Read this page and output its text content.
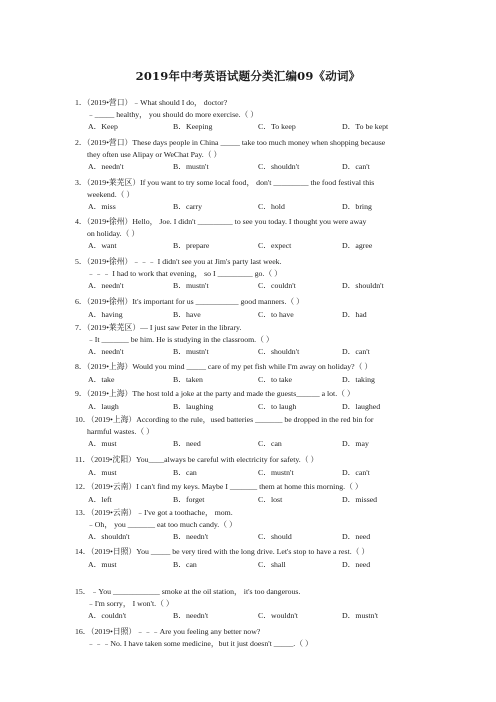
2019年中考英语试题分类汇编09《动词》
1．（2019•营口）﹣What should I do， doctor?
﹣_____ healthy， you should do more exercise.（ ）
A．Keep	B．Keeping	C．To keep	D．To be kept
2．（2019•营口）These days people in China _____ take too much money when shopping because
they often use Alipay or WeChat Pay.（ ）
A．needn't	B．mustn't	C．shouldn't	D．can't
3．（2019•莱芜区）If you want to try some local food， don't _________ the food festival this
weekend.（ ）
A．miss	B．carry	C．hold	D．bring
4．（2019•徐州）Hello， Joe. I didn't _________ to see you today. I thought you were away
on holiday.（ ）
A．want	B．prepare	C．expect	D．agree
5．（2019•徐州）﹣﹣﹣ I didn't see you at Jim's party last week.
﹣﹣﹣ I had to work that evening， so I _________ go.（ ）
A．needn't	B．mustn't	C．couldn't	D．shouldn't
6．（2019•徐州）It's important for us ___________ good manners.（ ）
A．having	B．have	C．to have	D．had
7．（2019•莱芜区）— I just saw Peter in the library.
﹣It _______ be him. He is studying in the classroom.（ ）
A．needn't	B．mustn't	C．shouldn't	D．can't
8．（2019•上海）Would you mind _____ care of my pet fish while I'm away on holiday?（ ）
A．take	B．taken	C．to take	D．taking
9．（2019•上海）The host told a joke at the party and made the guests______ a lot.（ ）
A．laugh	B．laughing	C．to laugh	D．laughed
10．（2019•上海）According to the rule，used batteries _______ be dropped in the red bin for
harmful wastes.（ ）
A．must	B．need	C．can	D．may
11．（2019•沈阳）You____always be careful with electricity for safety.（ ）
A．must	B．can	C．mustn't	D．can't
12．（2019•云南）I can't find my keys. Maybe I _______ them at home this morning.（ ）
A．left	B．forget	C．lost	D．missed
13．（2019•云南）﹣I've got a toothache， mom.
﹣Oh， you _______ eat too much candy.（ ）
A．shouldn't	B．needn't	C．should	D．need
14．（2019•日照）You _____ be very tired with the long drive. Let's stop to have a rest.（ ）
A．must	B．can	C．shall	D．need
15．﹣You ____________ smoke at the oil station， it's too dangerous.
﹣I'm sorry， I won't.（ ）
A．couldn't	B．needn't	C．wouldn't	D．mustn't
16．（2019•日照）﹣﹣﹣Are you feeling any better now?
﹣﹣﹣No. I have taken some medicine，but it just doesn't _____.（ ）
